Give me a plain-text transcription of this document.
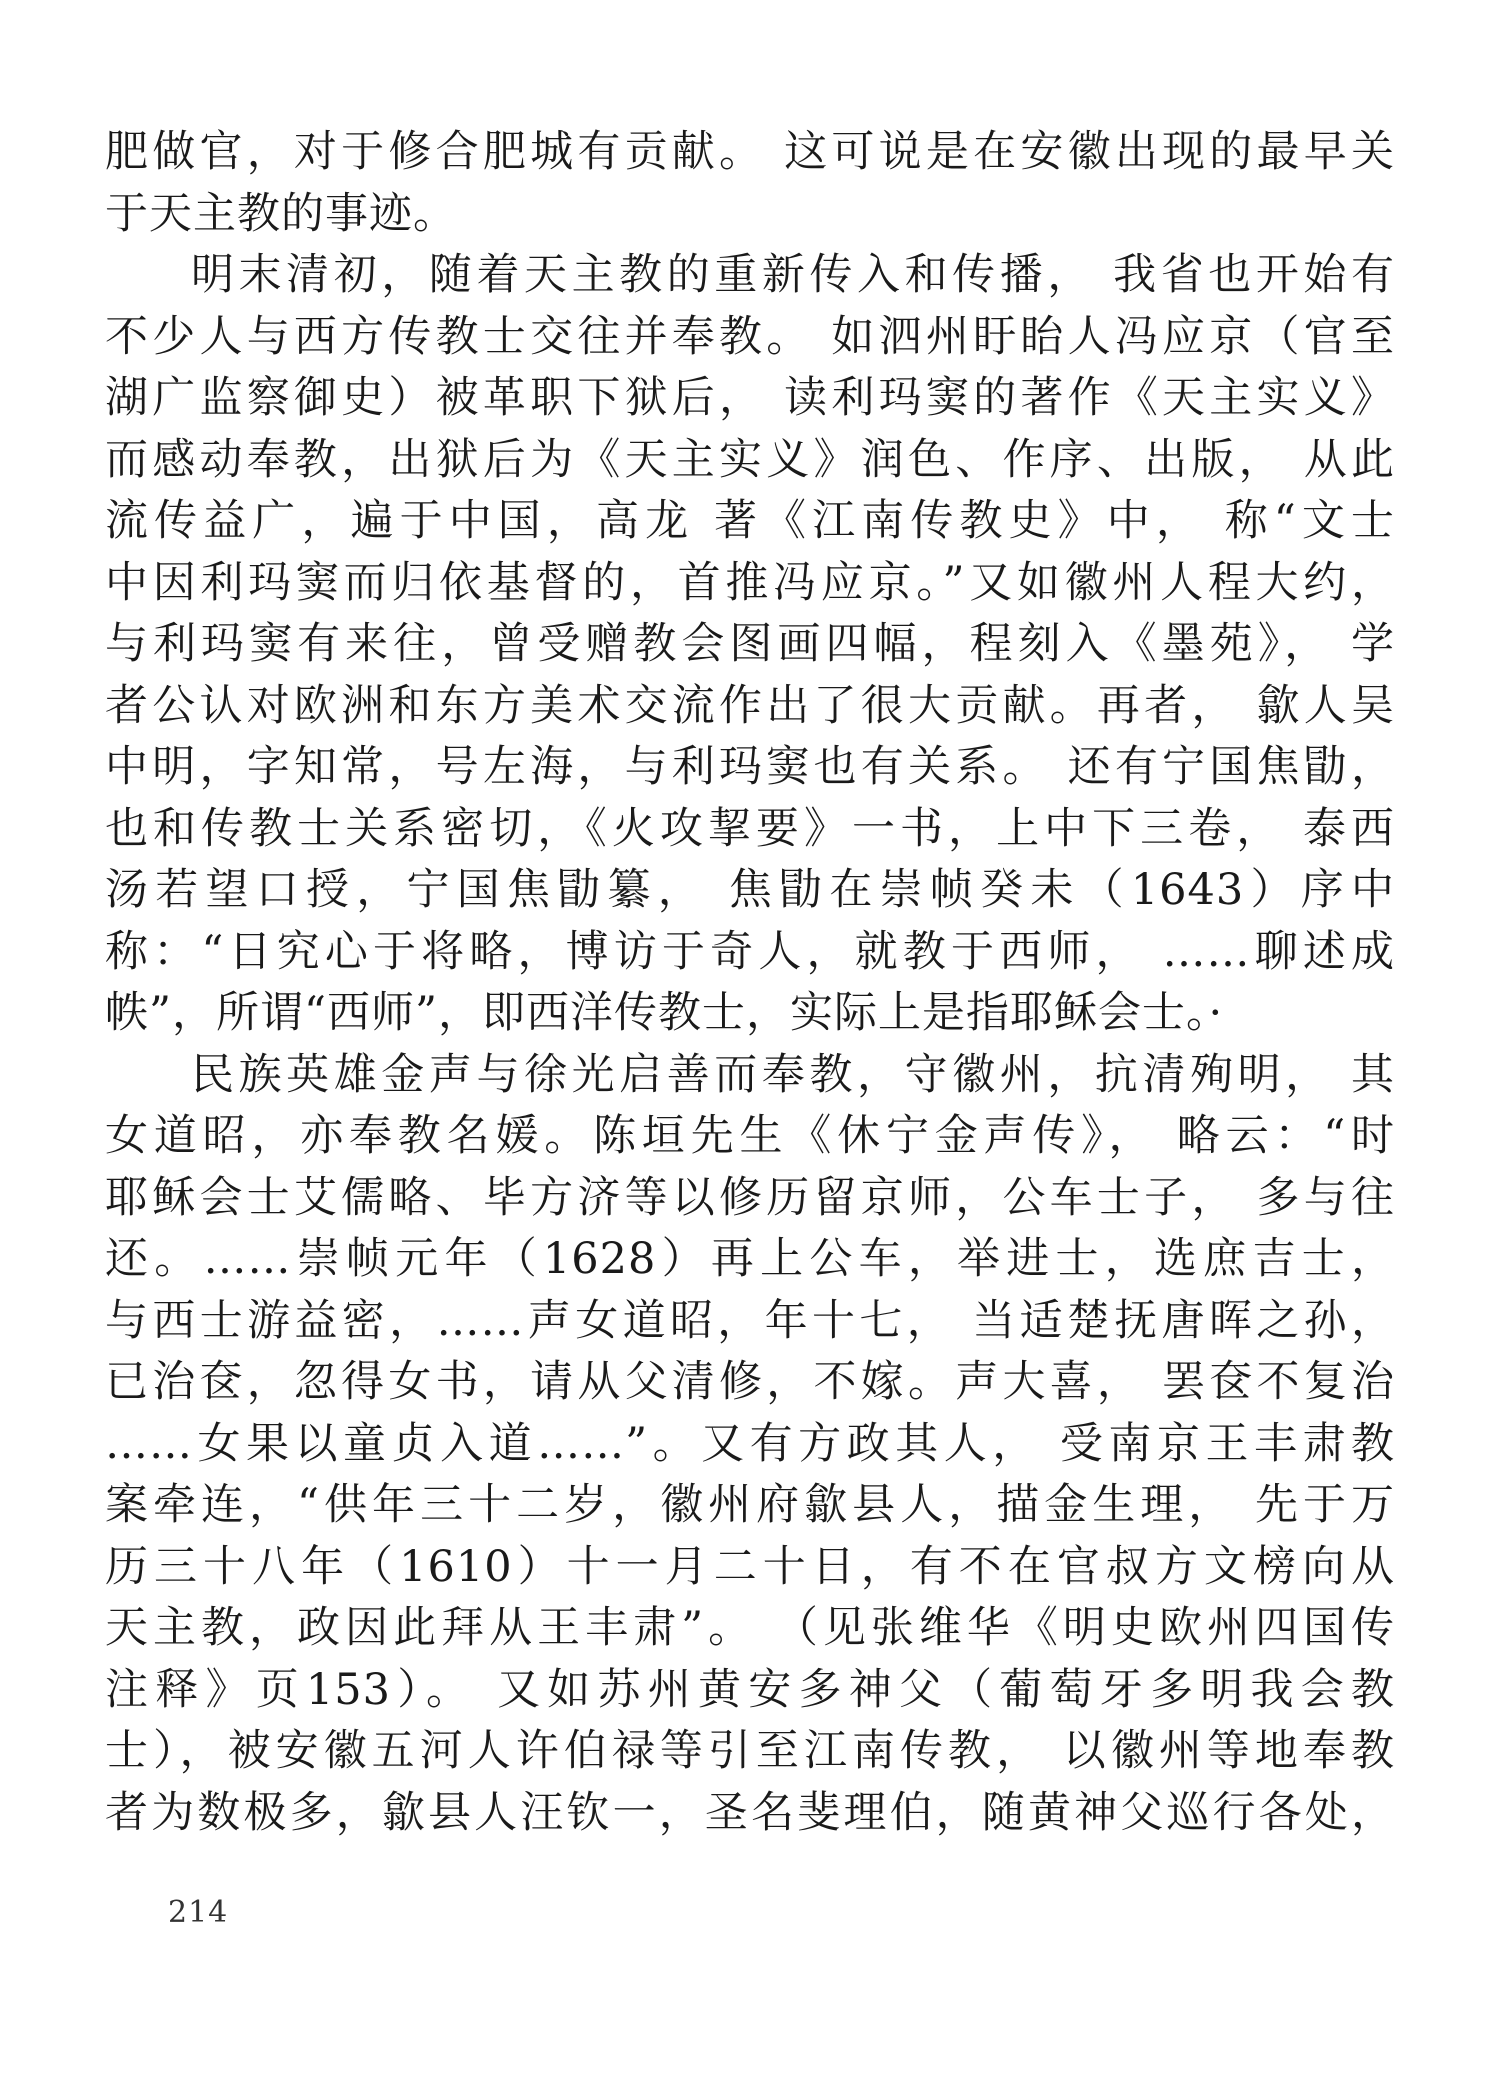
肥做官，对于修合肥城有贡献。 这可说是在安徽出现的最早关
于天主教的事迹。
明末清初，随着天主教的重新传入和传播， 我省也开始有
不少人与西方传教士交往并奉教。 如泗州盱眙人冯应京（官至
湖广监察御史）被革职下狱后， 读利玛窦的著作《天主实义》
而感动奉教，出狱后为《天主实义》润色、作序、出版， 从此
流传益广，遍于中国，高龙 著《江南传教史》中， 称“文士
中因利玛窦而归依基督的，首推冯应京。”又如徽州人程大约，
与利玛窦有来往，曾受赠教会图画四幅，程刻入《墨苑》， 学
者公认对欧洲和东方美术交流作出了很大贡献。再者， 歙人吴
中明，字知常，号左海，与利玛窦也有关系。 还有宁国焦勖，
也和传教士关系密切，《火攻挈要》一书，上中下三卷， 泰西
汤若望口授，宁国焦勖纂， 焦勖在崇帧癸未（1643）序中
称：“日究心于将略，博访于奇人，就教于西师， ……聊述成
帙”，所谓“西师”，即西洋传教士，实际上是指耶稣会士。·
民族英雄金声与徐光启善而奉教，守徽州，抗清殉明， 其
女道昭，亦奉教名媛。陈垣先生《休宁金声传》， 略云：“时
耶稣会士艾儒略、毕方济等以修历留京师，公车士子， 多与往
还。……崇帧元年（1628）再上公车，举进士，选庶吉士，
与西士游益密，……声女道昭，年十七， 当适楚抚唐晖之孙，
已治奁，忽得女书，请从父清修，不嫁。声大喜， 罢奁不复治
……女果以童贞入道……”。又有方政其人， 受南京王丰肃教
案牵连，“供年三十二岁，徽州府歙县人，描金生理， 先于万
历三十八年（1610）十一月二十日，有不在官叔方文榜向从
天主教，政因此拜从王丰肃”。 （见张维华《明史欧州四国传
注释》页153）。 又如苏州黄安多神父（葡萄牙多明我会教
士），被安徽五河人许伯禄等引至江南传教， 以徽州等地奉教
者为数极多，歙县人汪钦一，圣名斐理伯，随黄神父巡行各处，
214
